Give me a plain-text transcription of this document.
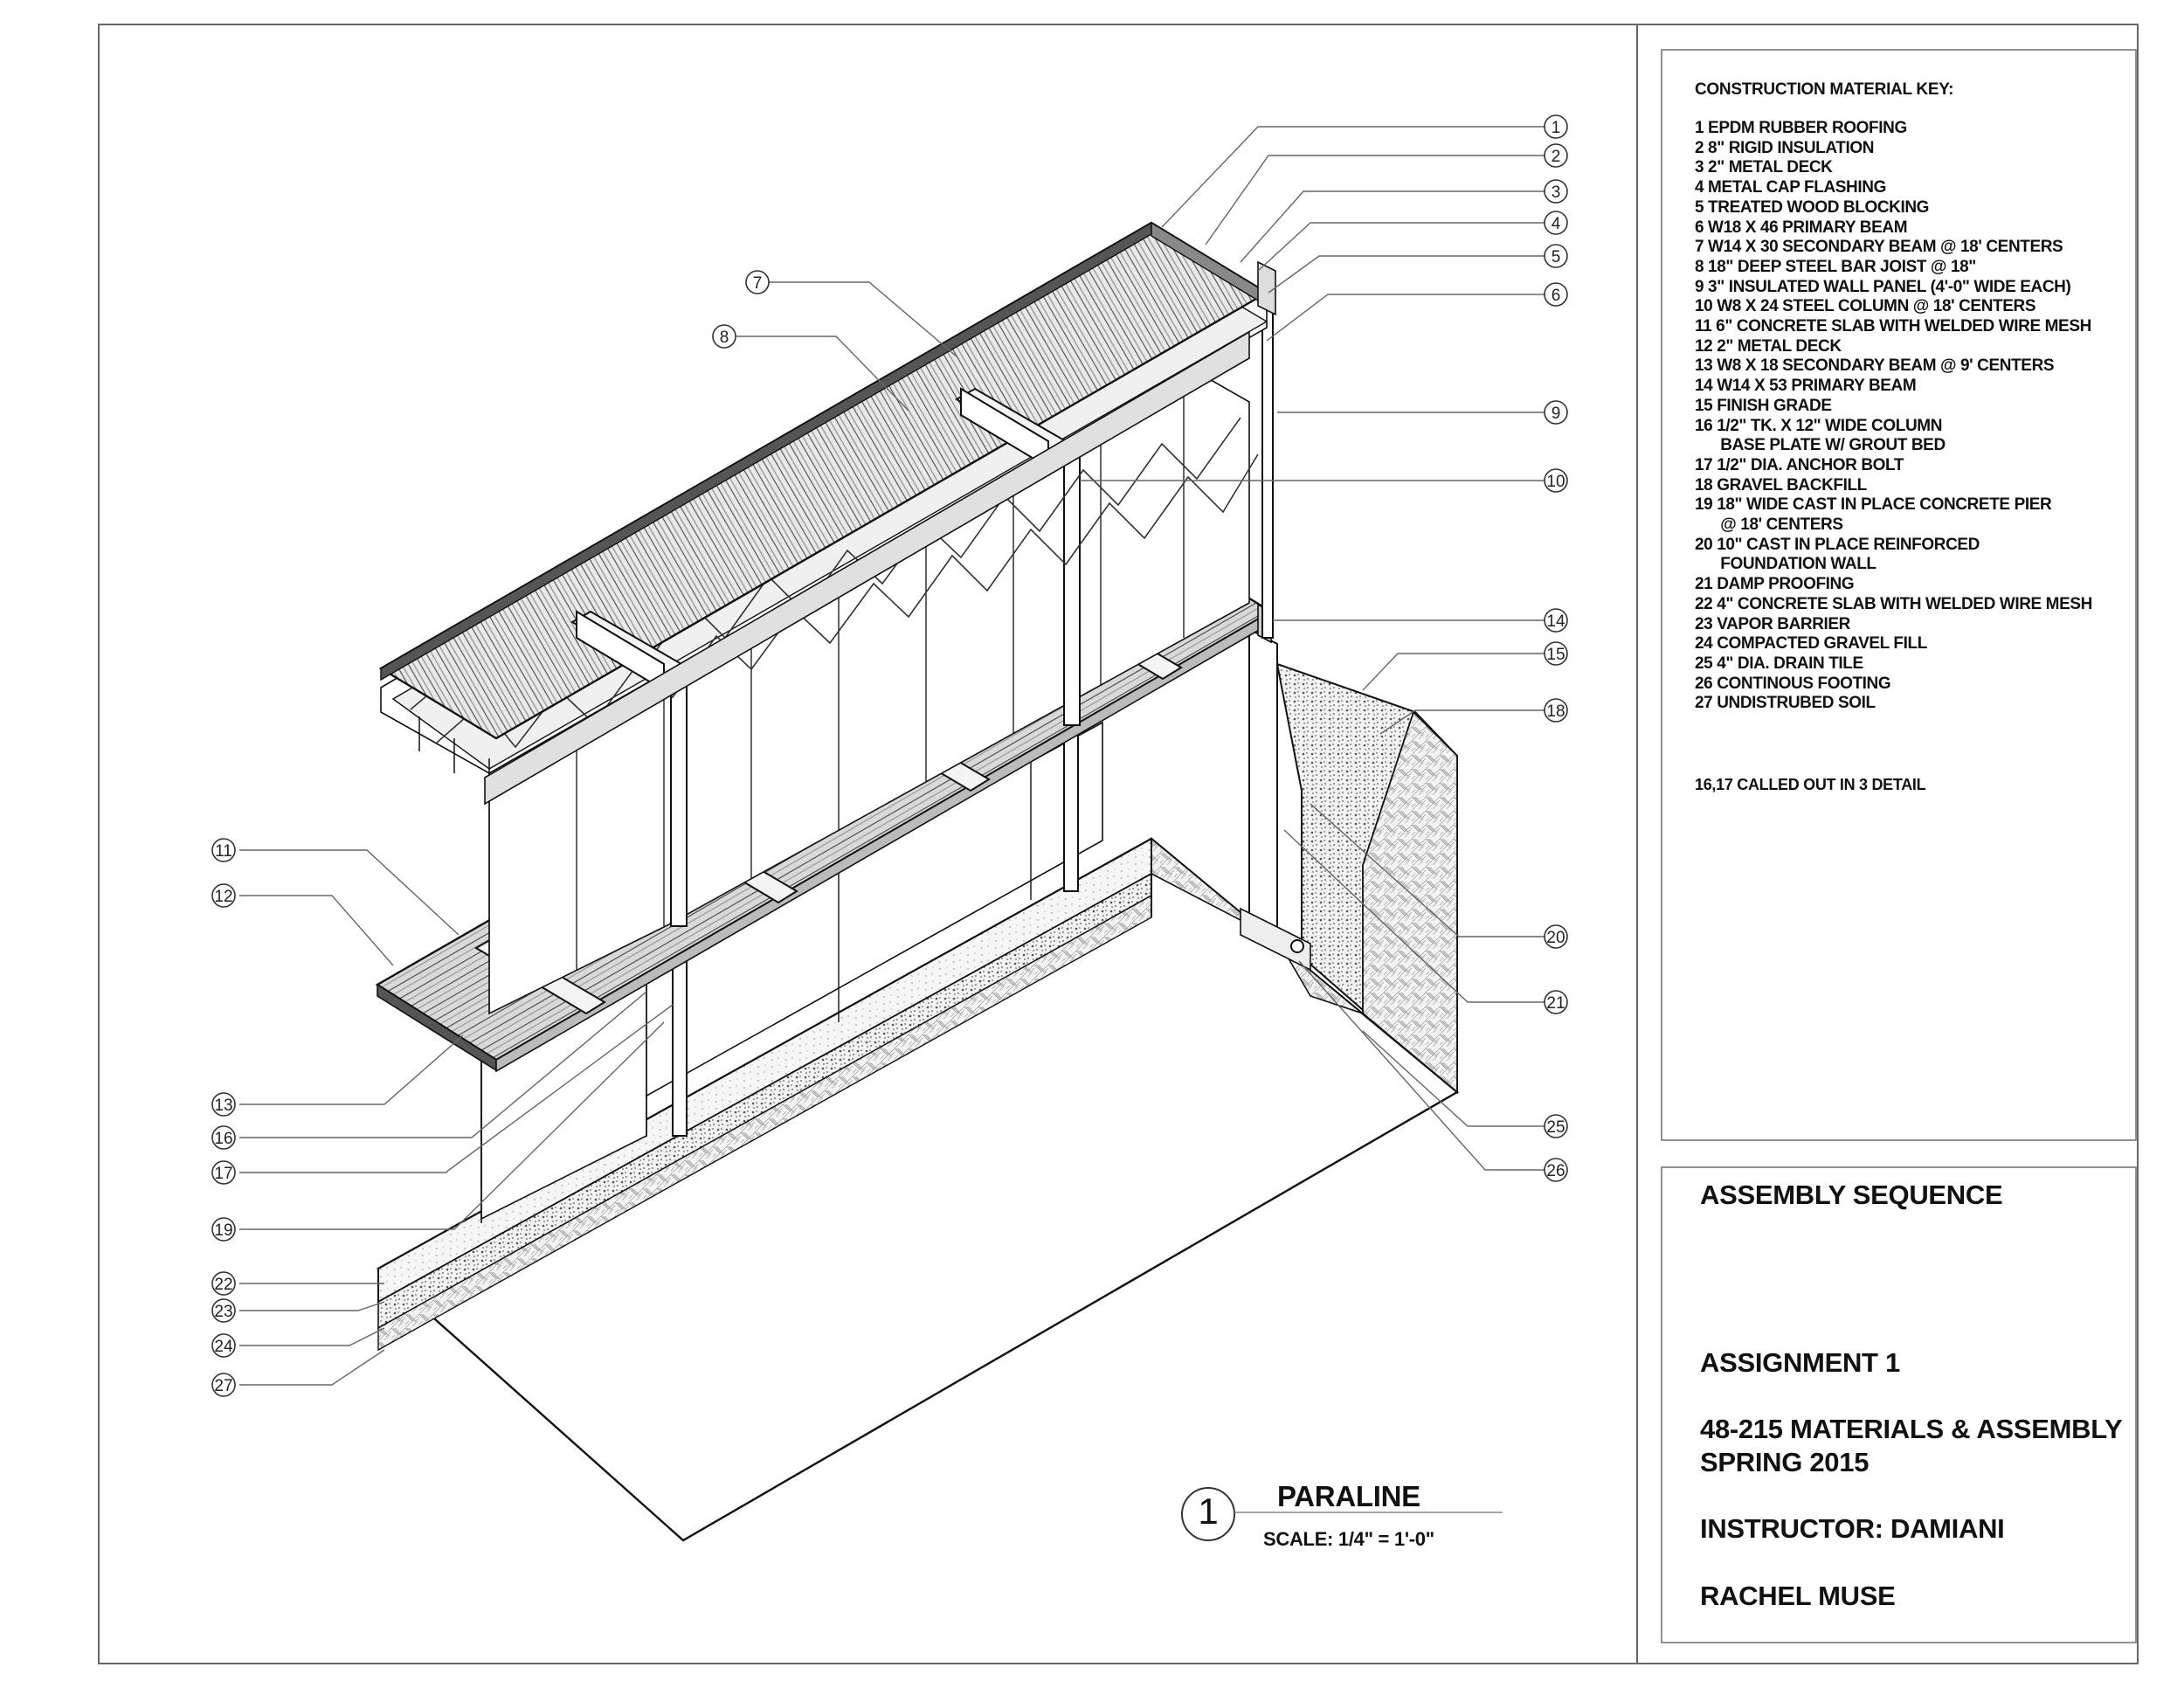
1
2
3
4
5
6
9
10
14
15
18
20
21
25
26
7
8
11
12
13
16
17
19
22
23
24
27
CONSTRUCTION MATERIAL KEY:
1 EPDM RUBBER ROOFING
2 8" RIGID INSULATION
3 2" METAL DECK
4 METAL CAP FLASHING
5 TREATED WOOD BLOCKING
6 W18 X 46 PRIMARY BEAM
7 W14 X 30 SECONDARY BEAM @ 18' CENTERS
8 18" DEEP STEEL BAR JOIST @ 18"
9 3" INSULATED WALL PANEL (4'-0" WIDE EACH)
10 W8 X 24 STEEL COLUMN @ 18' CENTERS
11 6" CONCRETE SLAB WITH WELDED WIRE MESH
12 2" METAL DECK
13 W8 X 18 SECONDARY BEAM @ 9' CENTERS
14 W14 X 53 PRIMARY BEAM
15 FINISH GRADE
16 1/2" TK. X 12" WIDE COLUMN
BASE PLATE W/ GROUT BED
17 1/2" DIA. ANCHOR BOLT
18 GRAVEL BACKFILL
19 18" WIDE CAST IN PLACE CONCRETE PIER
@ 18' CENTERS
20 10" CAST IN PLACE REINFORCED
FOUNDATION WALL
21 DAMP PROOFING
22 4" CONCRETE SLAB WITH WELDED WIRE MESH
23 VAPOR BARRIER
24 COMPACTED GRAVEL FILL
25 4" DIA. DRAIN TILE
26 CONTINOUS FOOTING
27 UNDISTRUBED SOIL
16,17 CALLED OUT IN 3 DETAIL
ASSEMBLY SEQUENCE
ASSIGNMENT 1
48-215 MATERIALS & ASSEMBLY
SPRING 2015
INSTRUCTOR: DAMIANI
RACHEL MUSE
1	PARALINE
SCALE: 1/4" = 1'-0"
